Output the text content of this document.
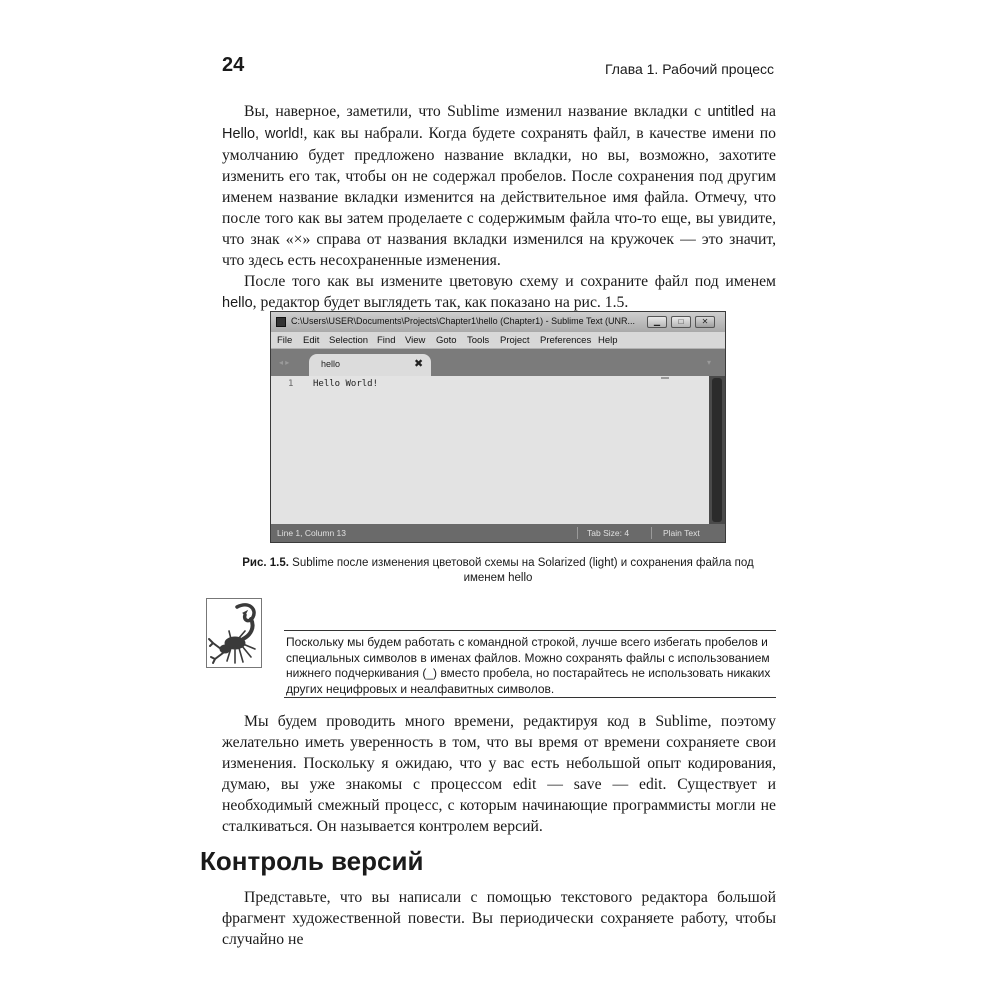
24	Глава 1. Рабочий процесс

Вы, наверное, заметили, что Sublime изменил название вкладки с untitled на Hello, world!, как вы набрали. Когда будете сохранять файл, в качестве имени по умолчанию будет предложено название вкладки, но вы, возможно, захотите изменить его так, чтобы он не содержал пробелов. После сохранения под другим именем название вкладки изменится на действительное имя файла. Отмечу, что после того как вы затем проделаете с содержимым файла что-то еще, вы увидите, что знак «×» справа от названия вкладки изменился на кружочек — это значит, что здесь есть несохраненные изменения.

После того как вы измените цветовую схему и сохраните файл под именем hello, редактор будет выглядеть так, как показано на рис. 1.5.

C:\Users\USER\Documents\Projects\Chapter1\hello (Chapter1) - Sublime Text (UNR...	▁	□	✕
File Edit Selection Find View Goto Tools Project Preferences Help
◂ ▸	hello	✖	▾
1 Hello World!
Line 1, Column 13	Tab Size: 4	Plain Text
Рис. 1.5. Sublime после изменения цветовой схемы на Solarized (light) и сохранения файла под именем hello
Поскольку мы будем работать с командной строкой, лучше всего избегать пробелов и специальных символов в именах файлов. Можно сохранять файлы с использованием нижнего подчеркивания (_) вместо пробела, но постарайтесь не использовать никаких других нецифровых и неалфавитных символов.

Мы будем проводить много времени, редактируя код в Sublime, поэтому желательно иметь уверенность в том, что вы время от времени сохраняете свои изменения. Поскольку я ожидаю, что у вас есть небольшой опыт кодирования, думаю, вы уже знакомы с процессом edit — save — edit. Существует и необходимый смежный процесс, с которым начинающие программисты могли не сталкиваться. Он называется контролем версий.

Контроль версий

Представьте, что вы написали с помощью текстового редактора большой фрагмент художественной повести. Вы периодически сохраняете работу, чтобы случайно не
